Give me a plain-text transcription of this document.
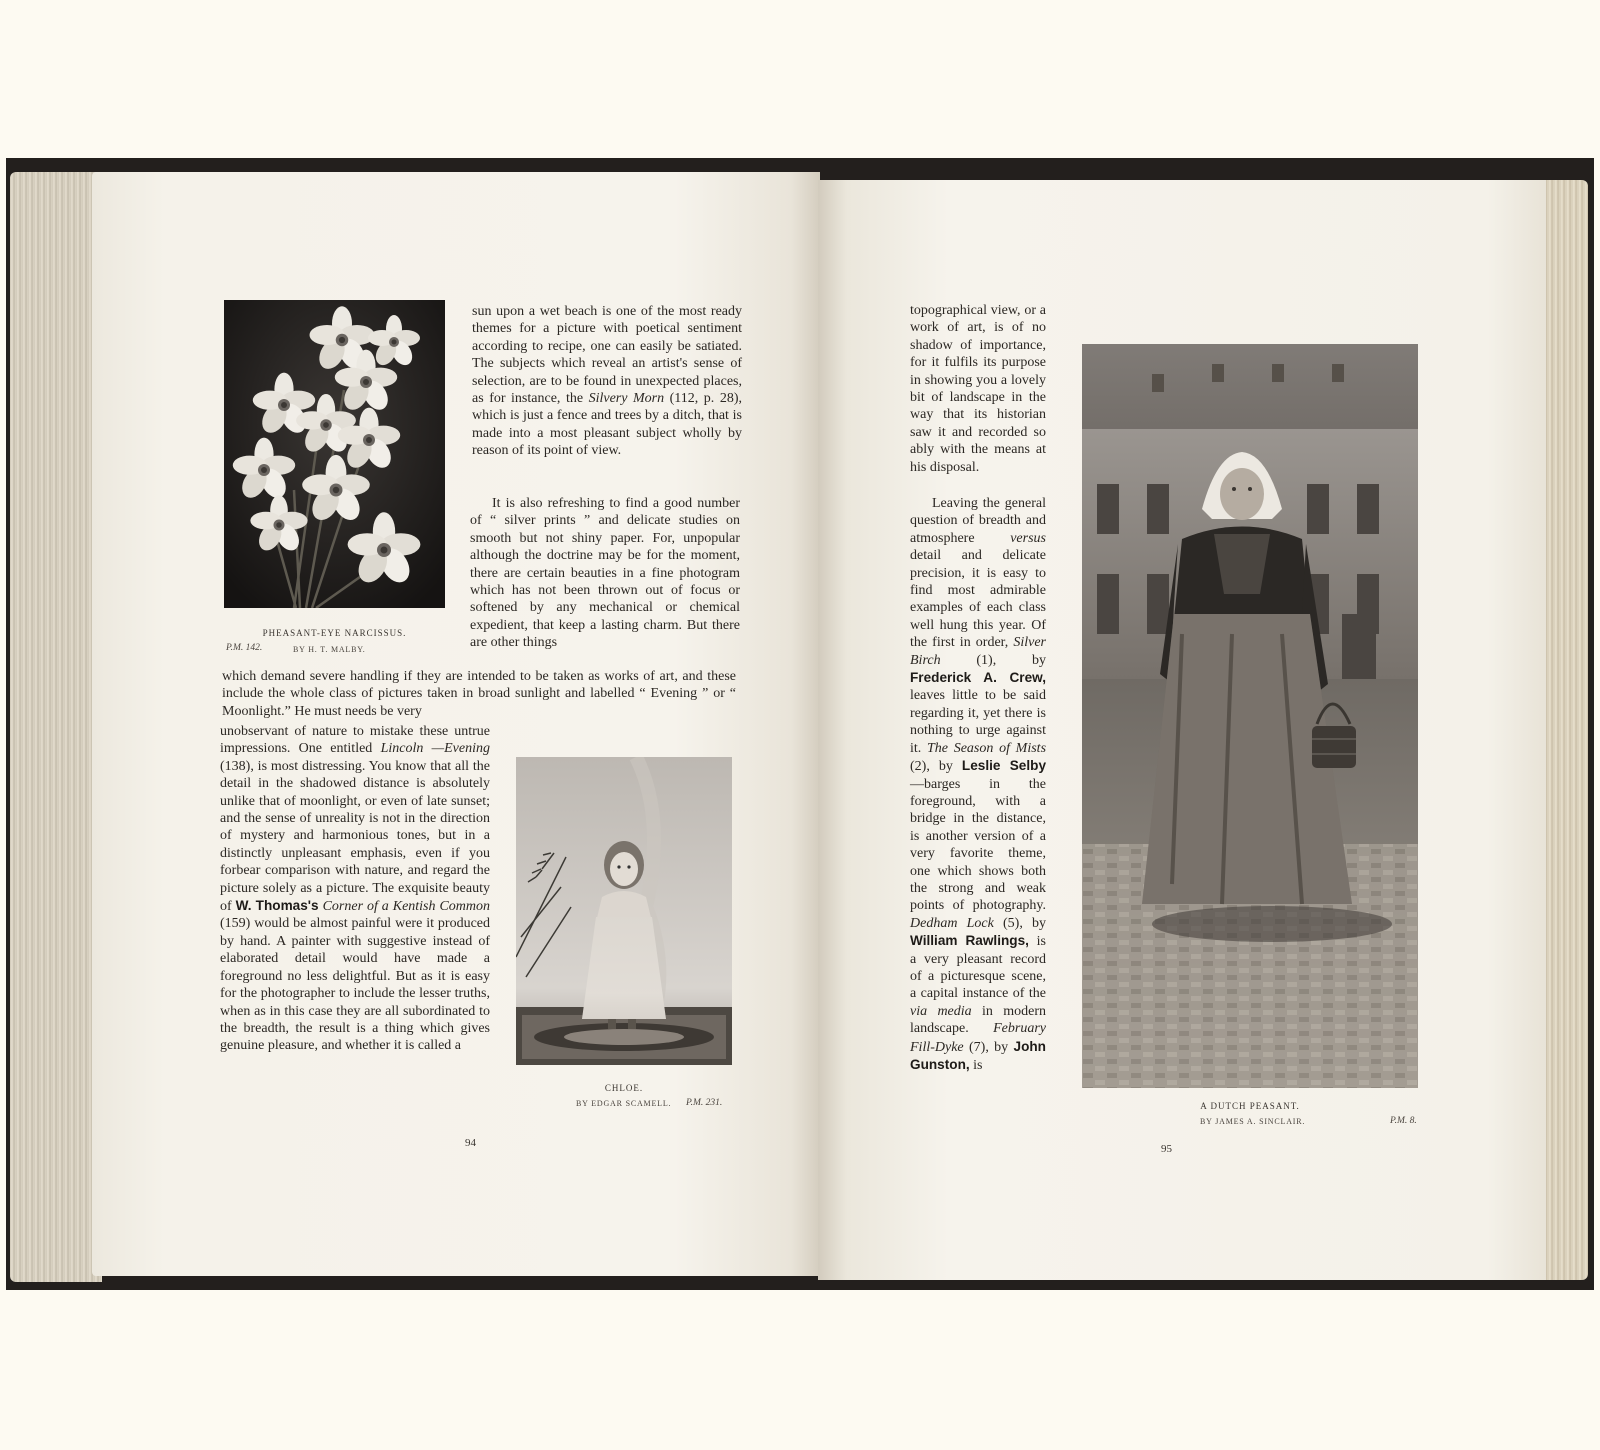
PHEASANT-EYE NARCISSUS.
P.M. 142.	BY H. T. MALBY.

sun upon a wet beach is one of the most ready themes for a picture with poetical sentiment according to recipe, one can easily be satiated. The subjects which reveal an artist's sense of selection, are to be found in unexpected places, as for instance, the Silvery Morn (112, p. 28), which is just a fence and trees by a ditch, that is made into a most pleasant subject wholly by reason of its point of view.

It is also refreshing to find a good number of “ silver prints ” and delicate studies on smooth but not shiny paper. For, unpopular although the doctrine may be for the moment, there are certain beauties in a fine photogram which has not been thrown out of focus or softened by any mechanical or chemical expedient, that keep a lasting charm. But there are other things

which demand severe handling if they are intended to be taken as works of art, and these include the whole class of pictures taken in broad sunlight and labelled “ Evening ” or “ Moonlight.” He must needs be very

unobservant of nature to mistake these untrue impressions. One entitled Lincoln —Evening (138), is most distressing. You know that all the detail in the shadowed distance is absolutely unlike that of moonlight, or even of late sunset; and the sense of unreality is not in the direction of mystery and harmonious tones, but in a distinctly unpleasant emphasis, even if you forbear comparison with nature, and regard the picture solely as a picture. The exquisite beauty of W. Thomas's Corner of a Kentish Common (159) would be almost painful were it produced by hand. A painter with suggestive instead of elaborated detail would have made a foreground no less delightful. But as it is easy for the photographer to include the lesser truths, when as in this case they are all subordinated to the breadth, the result is a thing which gives genuine pleasure, and whether it is called a

CHLOE.
BY EDGAR SCAMELL. P.M. 231.
94

topographical view, or a work of art, is of no shadow of importance, for it fulfils its purpose in showing you a lovely bit of landscape in the way that its historian saw it and recorded so ably with the means at his disposal.

Leaving the general question of breadth and atmosphere versus detail and delicate precision, it is easy to find most admirable examples of each class well hung this year. Of the first in order, Silver Birch (1), by Frederick A. Crew, leaves little to be said regarding it, yet there is nothing to urge against it. The Season of Mists (2), by Leslie Selby —barges in the foreground, with a bridge in the distance, is another version of a very favorite theme, one which shows both the strong and weak points of photography. Dedham Lock (5), by William Rawlings, is a very pleasant record of a picturesque scene, a capital instance of the via media in modern landscape. February Fill-Dyke (7), by John Gunston, is

A DUTCH PEASANT.
BY JAMES A. SINCLAIR.	P.M. 8.
95
